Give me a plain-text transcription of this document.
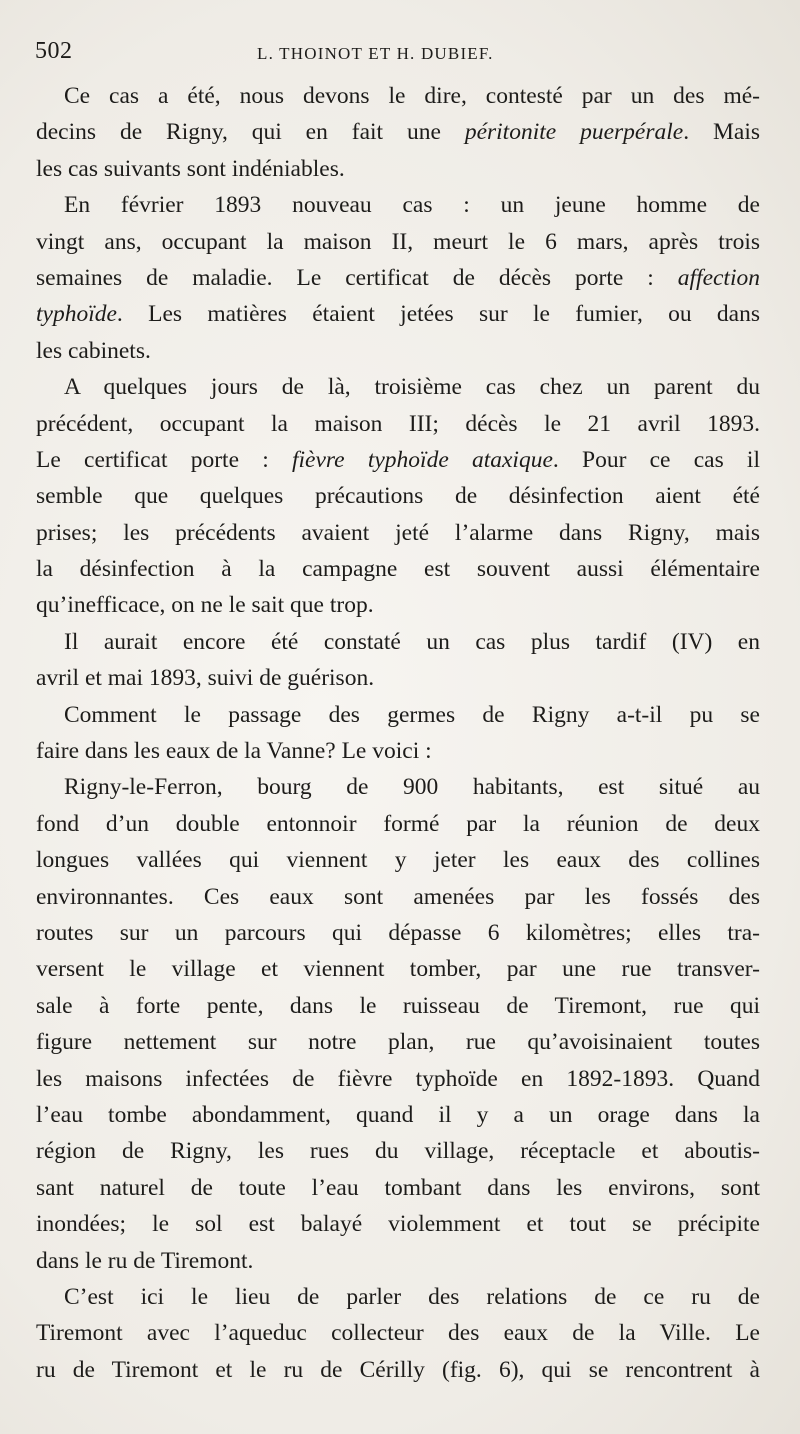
502	L. THOINOT ET H. DUBIEF.
Ce cas a été, nous devons le dire, contesté par un des mé-
decins de Rigny, qui en fait une péritonite puerpérale. Mais
les cas suivants sont indéniables.
En février 1893 nouveau cas : un jeune homme de
vingt ans, occupant la maison II, meurt le 6 mars, après trois
semaines de maladie. Le certificat de décès porte : affection
typhoïde. Les matières étaient jetées sur le fumier, ou dans
les cabinets.
A quelques jours de là, troisième cas chez un parent du
précédent, occupant la maison III; décès le 21 avril 1893.
Le certificat porte : fièvre typhoïde ataxique. Pour ce cas il
semble que quelques précautions de désinfection aient été
prises; les précédents avaient jeté l’alarme dans Rigny, mais
la désinfection à la campagne est souvent aussi élémentaire
qu’inefficace, on ne le sait que trop.
Il aurait encore été constaté un cas plus tardif (IV) en
avril et mai 1893, suivi de guérison.
Comment le passage des germes de Rigny a-t-il pu se
faire dans les eaux de la Vanne? Le voici :
Rigny-le-Ferron, bourg de 900 habitants, est situé au
fond d’un double entonnoir formé par la réunion de deux
longues vallées qui viennent y jeter les eaux des collines
environnantes. Ces eaux sont amenées par les fossés des
routes sur un parcours qui dépasse 6 kilomètres; elles tra-
versent le village et viennent tomber, par une rue transver-
sale à forte pente, dans le ruisseau de Tiremont, rue qui
figure nettement sur notre plan, rue qu’avoisinaient toutes
les maisons infectées de fièvre typhoïde en 1892-1893. Quand
l’eau tombe abondamment, quand il y a un orage dans la
région de Rigny, les rues du village, réceptacle et aboutis-
sant naturel de toute l’eau tombant dans les environs, sont
inondées; le sol est balayé violemment et tout se précipite
dans le ru de Tiremont.
C’est ici le lieu de parler des relations de ce ru de
Tiremont avec l’aqueduc collecteur des eaux de la Ville. Le
ru de Tiremont et le ru de Cérilly (fig. 6), qui se rencontrent à
